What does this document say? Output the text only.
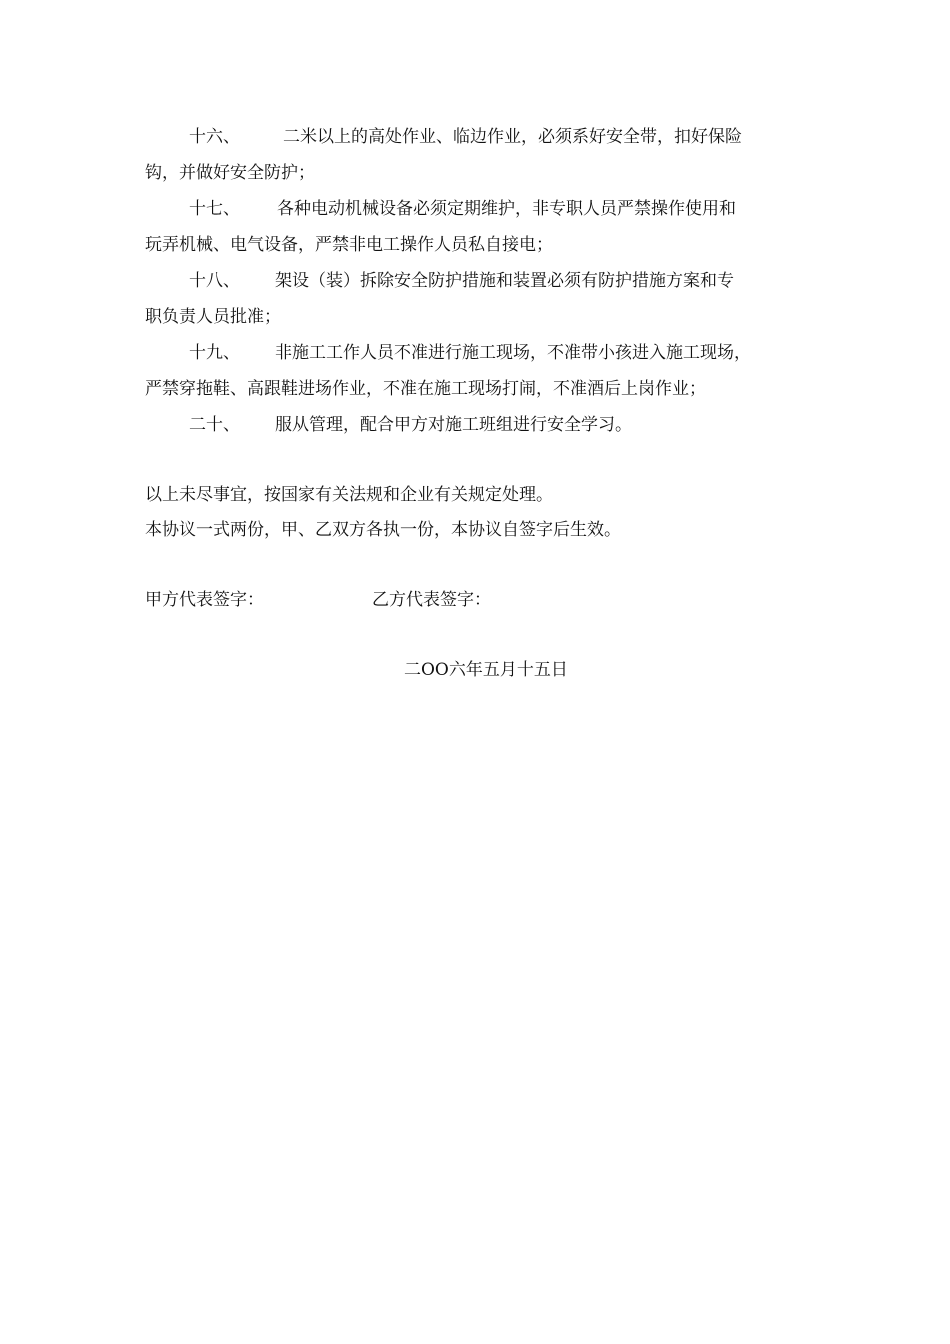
十六、	二米以上的高处作业、临边作业，必须系好安全带，扣好保险
钩，并做好安全防护；
十七、 各种电动机械设备必须定期维护，非专职人员严禁操作使用和
玩弄机械、电气设备，严禁非电工操作人员私自接电；
十八、 架设（装）拆除安全防护措施和装置必须有防护措施方案和专
职负责人员批准；
十九、 非施工工作人员不准进行施工现场，不准带小孩进入施工现场，
严禁穿拖鞋、高跟鞋进场作业，不准在施工现场打闹，不准酒后上岗作业；
二十、 服从管理，配合甲方对施工班组进行安全学习。
以上未尽事宜，按国家有关法规和企业有关规定处理。
本协议一式两份，甲、乙双方各执一份，本协议自签字后生效。
甲方代表签字：	乙方代表签字：
二OO六年五月十五日
